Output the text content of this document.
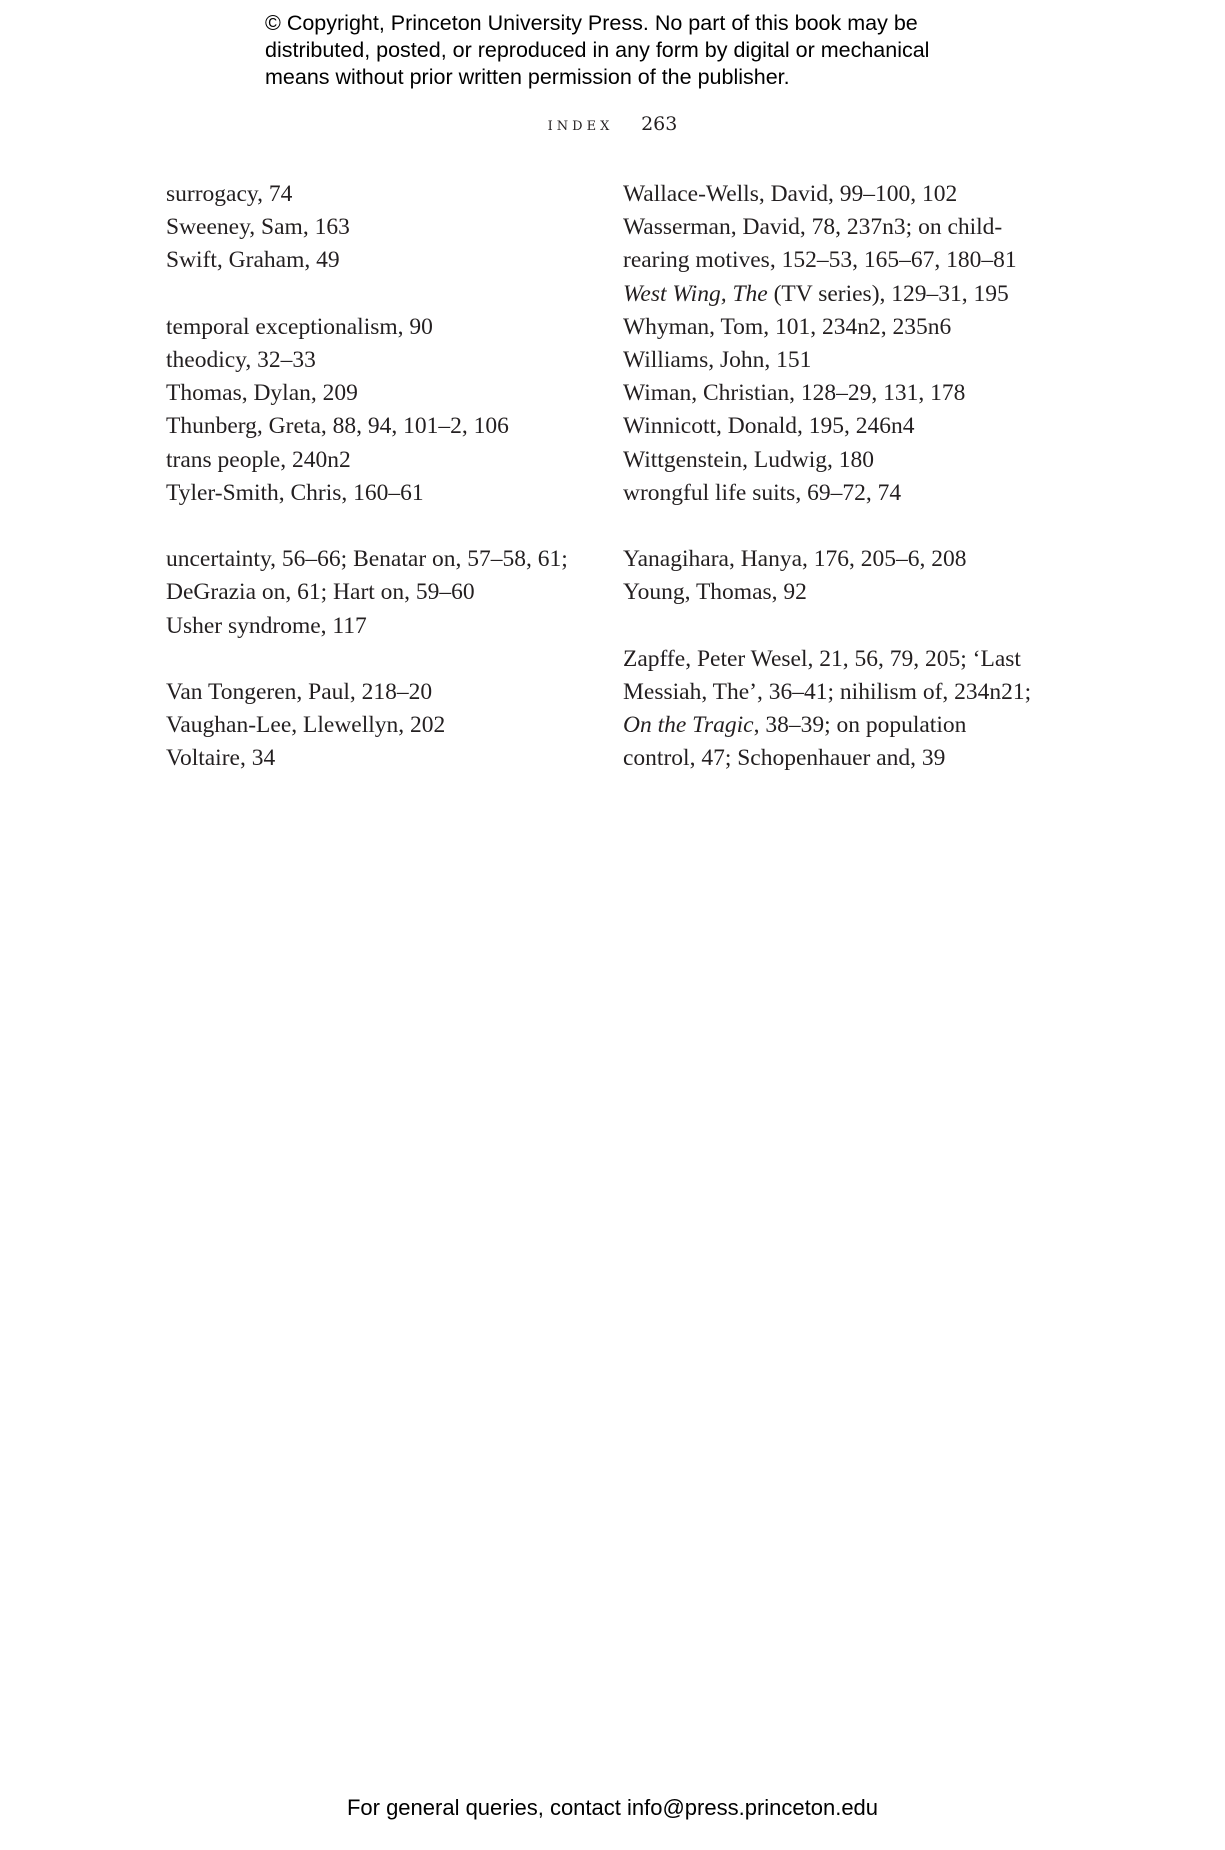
© Copyright, Princeton University Press. No part of this book may be
distributed, posted, or reproduced in any form by digital or mechanical
means without prior written permission of the publisher.
index 263
surrogacy, 74
Sweeney, Sam, 163
Swift, Graham, 49
temporal exceptionalism, 90
theodicy, 32–33
Thomas, Dylan, 209
Thunberg, Greta, 88, 94, 101–2, 106
trans people, 240n2
Tyler-Smith, Chris, 160–61
uncertainty, 56–66; Benatar on, 57–58, 61;
DeGrazia on, 61; Hart on, 59–60
Usher syndrome, 117
Van Tongeren, Paul, 218–20
Vaughan-Lee, Llewellyn, 202
Voltaire, 34
Wallace-Wells, David, 99–100, 102
Wasserman, David, 78, 237n3; on child-
rearing motives, 152–53, 165–67, 180–81
West Wing, The (TV series), 129–31, 195
Whyman, Tom, 101, 234n2, 235n6
Williams, John, 151
Wiman, Christian, 128–29, 131, 178
Winnicott, Donald, 195, 246n4
Wittgenstein, Ludwig, 180
wrongful life suits, 69–72, 74
Yanagihara, Hanya, 176, 205–6, 208
Young, Thomas, 92
Zapffe, Peter Wesel, 21, 56, 79, 205; ‘Last
Messiah, The’, 36–41; nihilism of, 234n21;
On the Tragic, 38–39; on population
control, 47; Schopenhauer and, 39
For general queries, contact info@press.princeton.edu
